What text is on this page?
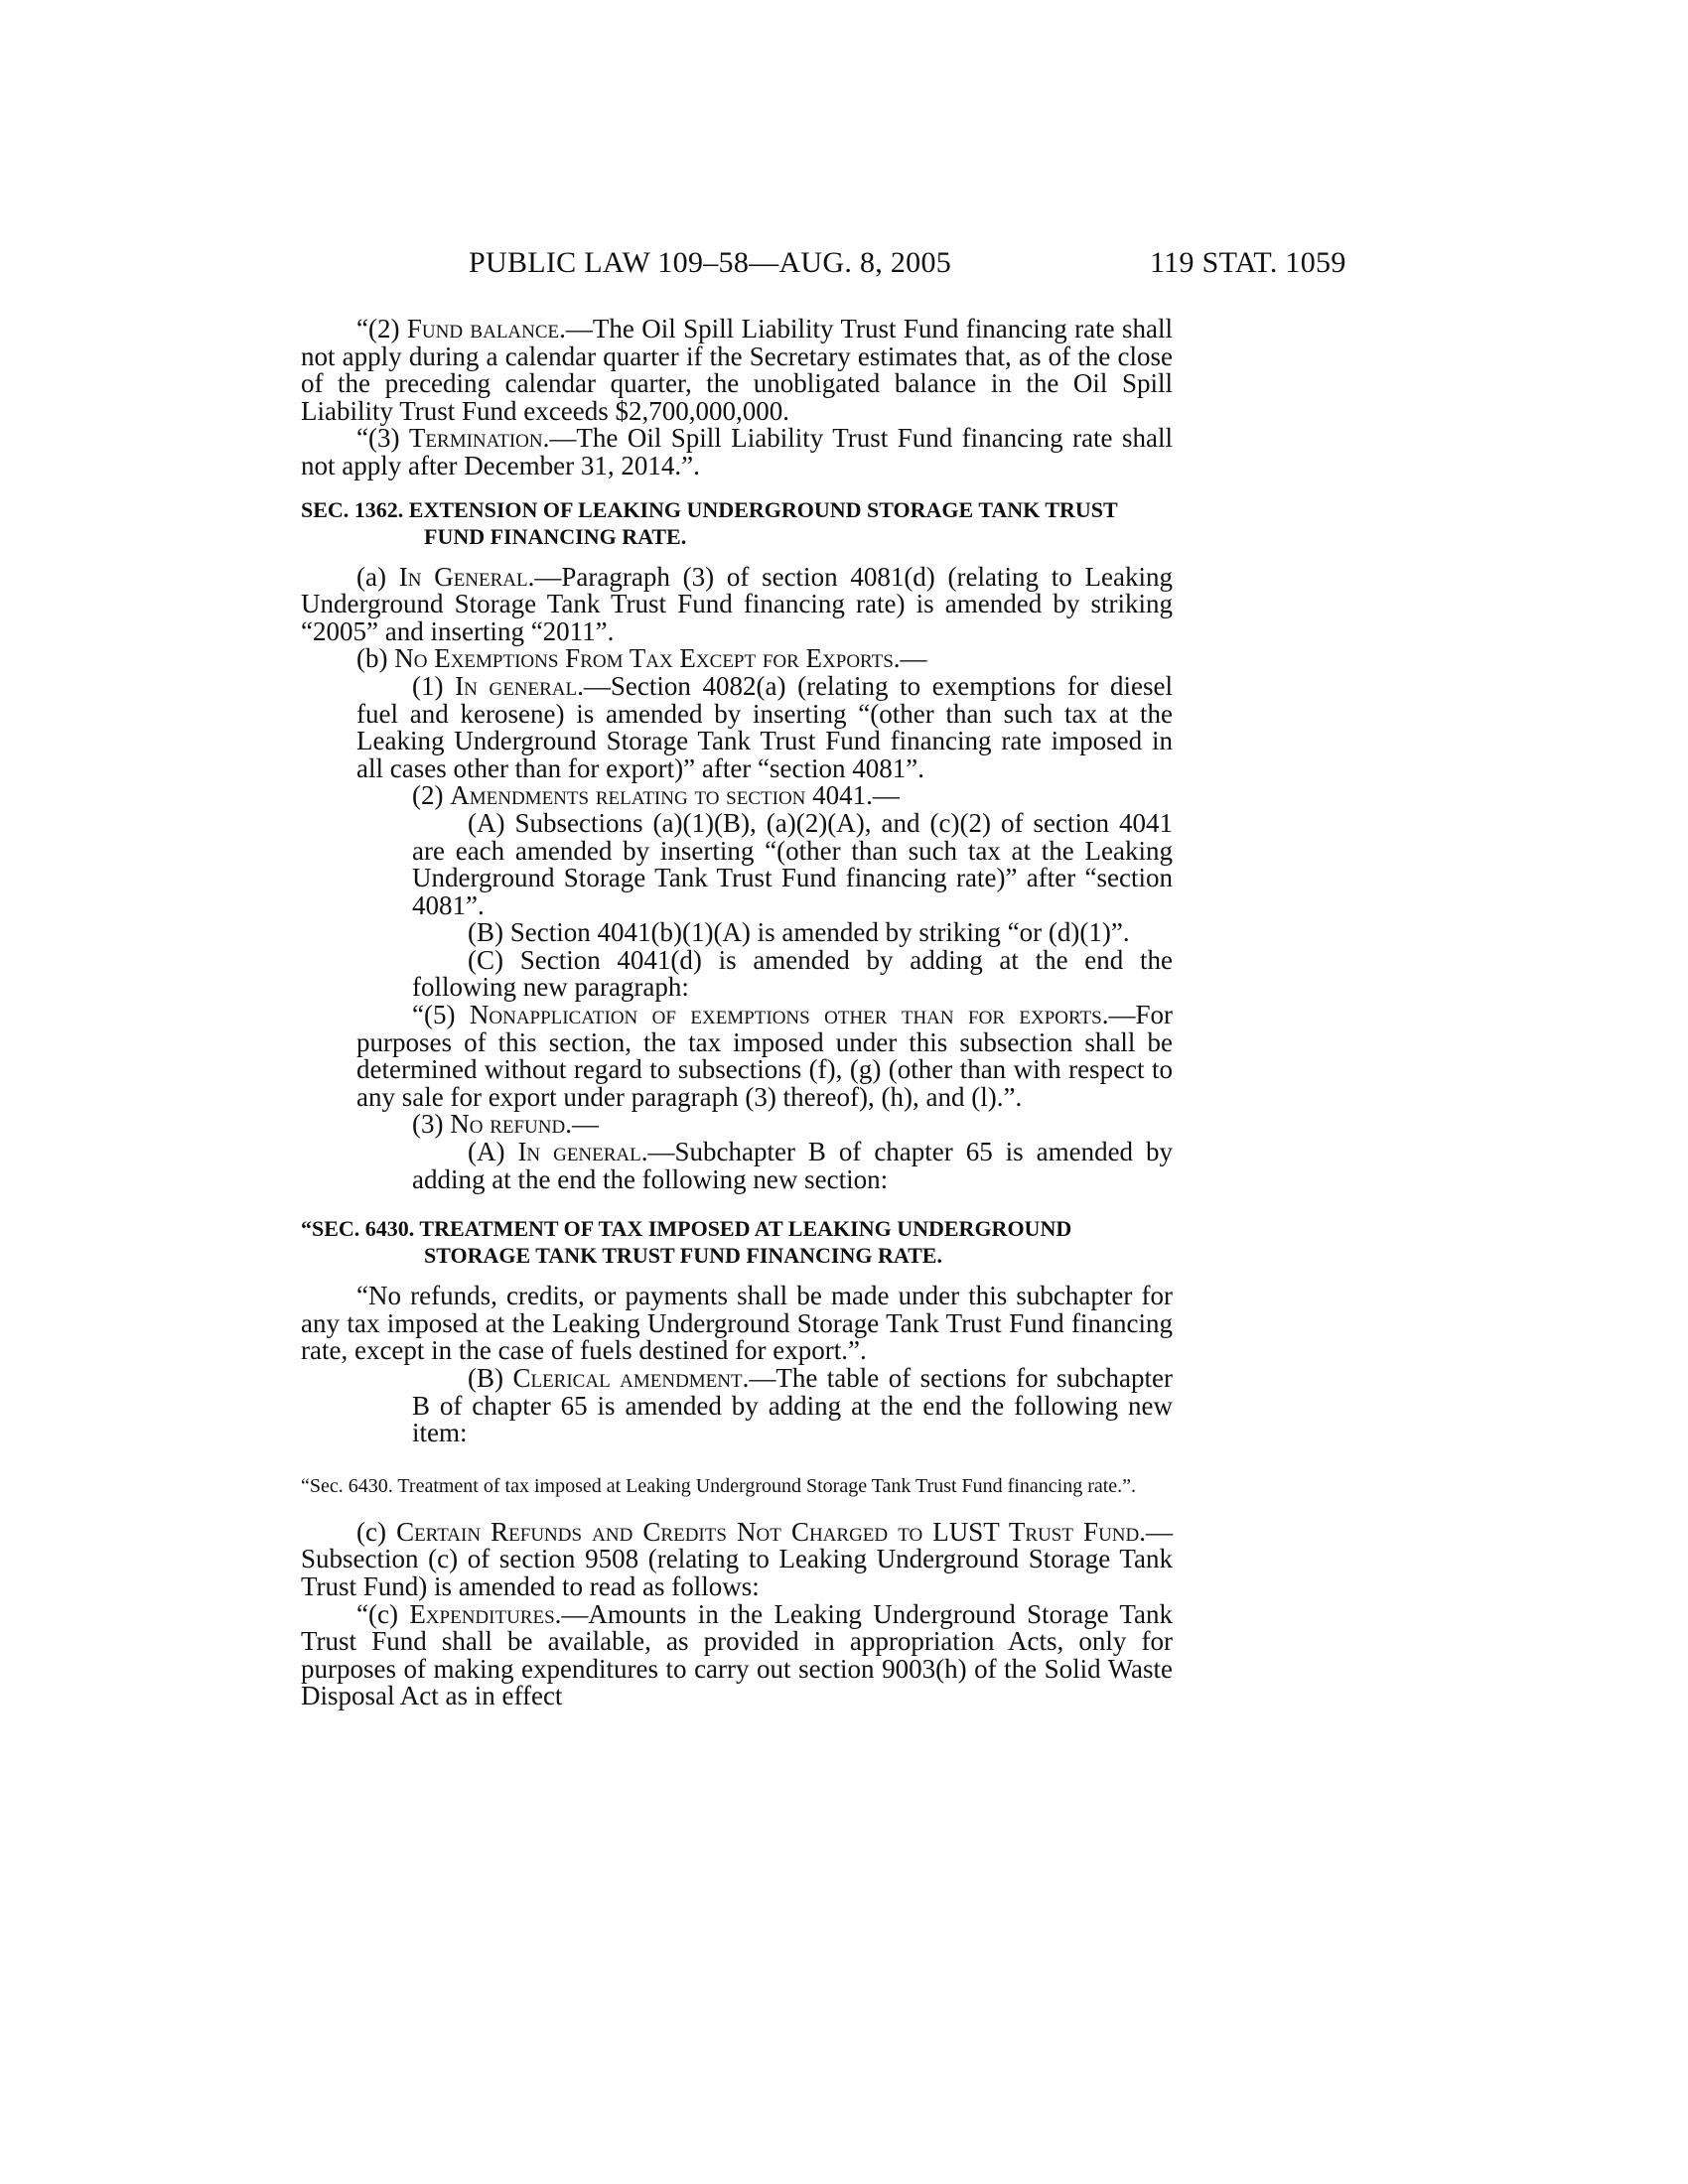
PUBLIC LAW 109–58—AUG. 8, 2005	119 STAT. 1059

“(2) Fund balance.—The Oil Spill Liability Trust Fund financing rate shall not apply during a calendar quarter if the Secretary estimates that, as of the close of the preceding calendar quarter, the unobligated balance in the Oil Spill Liability Trust Fund exceeds $2,700,000,000.

“(3) Termination.—The Oil Spill Liability Trust Fund financing rate shall not apply after December 31, 2014.”.

SEC. 1362. EXTENSION OF LEAKING UNDERGROUND STORAGE TANK TRUST FUND FINANCING RATE.

(a) In General.—Paragraph (3) of section 4081(d) (relating to Leaking Underground Storage Tank Trust Fund financing rate) is amended by striking “2005” and inserting “2011”.

(b) No Exemptions From Tax Except for Exports.—

(1) In general.—Section 4082(a) (relating to exemptions for diesel fuel and kerosene) is amended by inserting “(other than such tax at the Leaking Underground Storage Tank Trust Fund financing rate imposed in all cases other than for export)” after “section 4081”.

(2) Amendments relating to section 4041.—

(A) Subsections (a)(1)(B), (a)(2)(A), and (c)(2) of section 4041 are each amended by inserting “(other than such tax at the Leaking Underground Storage Tank Trust Fund financing rate)” after “section 4081”.

(B) Section 4041(b)(1)(A) is amended by striking “or (d)(1)”.

(C) Section 4041(d) is amended by adding at the end the following new paragraph:

“(5) Nonapplication of exemptions other than for exports.—For purposes of this section, the tax imposed under this subsection shall be determined without regard to subsections (f), (g) (other than with respect to any sale for export under paragraph (3) thereof), (h), and (l).”.

(3) No refund.—

(A) In general.—Subchapter B of chapter 65 is amended by adding at the end the following new section:

“SEC. 6430. TREATMENT OF TAX IMPOSED AT LEAKING UNDERGROUND STORAGE TANK TRUST FUND FINANCING RATE.

“No refunds, credits, or payments shall be made under this subchapter for any tax imposed at the Leaking Underground Storage Tank Trust Fund financing rate, except in the case of fuels destined for export.”.

(B) Clerical amendment.—The table of sections for subchapter B of chapter 65 is amended by adding at the end the following new item:

“Sec. 6430. Treatment of tax imposed at Leaking Underground Storage Tank Trust Fund financing rate.”.

(c) Certain Refunds and Credits Not Charged to LUST Trust Fund.—Subsection (c) of section 9508 (relating to Leaking Underground Storage Tank Trust Fund) is amended to read as follows:

“(c) Expenditures.—Amounts in the Leaking Underground Storage Tank Trust Fund shall be available, as provided in appropriation Acts, only for purposes of making expenditures to carry out section 9003(h) of the Solid Waste Disposal Act as in effect
